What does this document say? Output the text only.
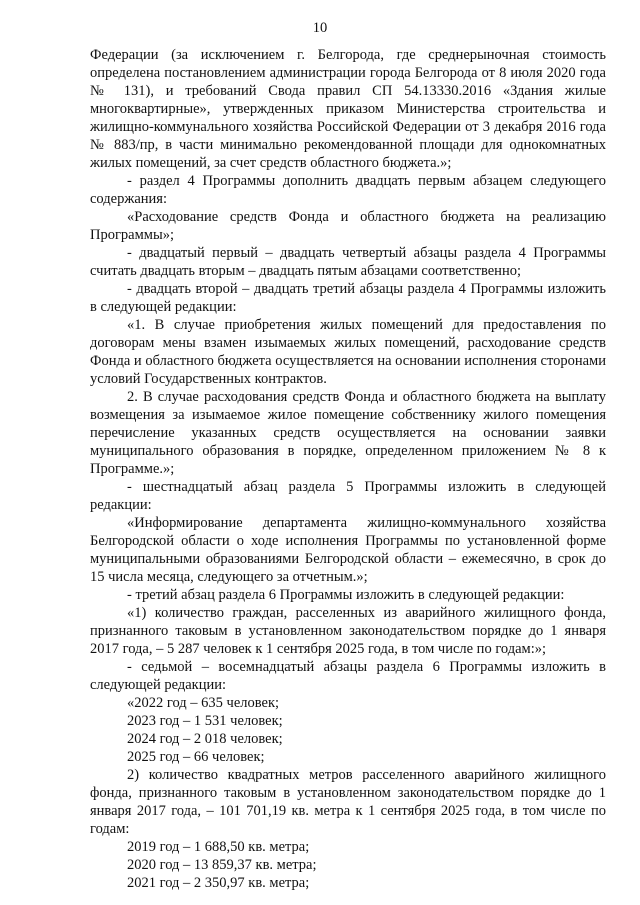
10

Федерации (за исключением г. Белгорода, где среднерыночная стоимость определена постановлением администрации города Белгорода от 8 июля 2020 года № 131), и требований Свода правил СП 54.13330.2016 «Здания жилые многоквартирные», утвержденных приказом Министерства строительства и жилищно-коммунального хозяйства Российской Федерации от 3 декабря 2016 года № 883/пр, в части минимально рекомендованной площади для однокомнатных жилых помещений, за счет средств областного бюджета.»;

- раздел 4 Программы дополнить двадцать первым абзацем следующего содержания:

«Расходование средств Фонда и областного бюджета на реализацию Программы»;

- двадцатый первый – двадцать четвертый абзацы раздела 4 Программы считать двадцать вторым – двадцать пятым абзацами соответственно;

- двадцать второй – двадцать третий абзацы раздела 4 Программы изложить в следующей редакции:

«1. В случае приобретения жилых помещений для предоставления по договорам мены взамен изымаемых жилых помещений, расходование средств Фонда и областного бюджета осуществляется на основании исполнения сторонами условий Государственных контрактов.

2. В случае расходования средств Фонда и областного бюджета на выплату возмещения за изымаемое жилое помещение собственнику жилого помещения перечисление указанных средств осуществляется на основании заявки муниципального образования в порядке, определенном приложением № 8 к Программе.»;

- шестнадцатый абзац раздела 5 Программы изложить в следующей редакции:

«Информирование департамента жилищно-коммунального хозяйства Белгородской области о ходе исполнения Программы по установленной форме муниципальными образованиями Белгородской области – ежемесячно, в срок до 15 числа месяца, следующего за отчетным.»;

- третий абзац раздела 6 Программы изложить в следующей редакции:

«1) количество граждан, расселенных из аварийного жилищного фонда, признанного таковым в установленном законодательством порядке до 1 января 2017 года, – 5 287 человек к 1 сентября 2025 года, в том числе по годам:»;

- седьмой – восемнадцатый абзацы раздела 6 Программы изложить в следующей редакции:

«2022 год – 635 человек;

2023 год – 1 531 человек;

2024 год – 2 018 человек;

2025 год – 66 человек;

2) количество квадратных метров расселенного аварийного жилищного фонда, признанного таковым в установленном законодательством порядке до 1 января 2017 года, – 101 701,19 кв. метра к 1 сентября 2025 года, в том числе по годам:

2019 год – 1 688,50 кв. метра;

2020 год – 13 859,37 кв. метра;

2021 год – 2 350,97 кв. метра;
